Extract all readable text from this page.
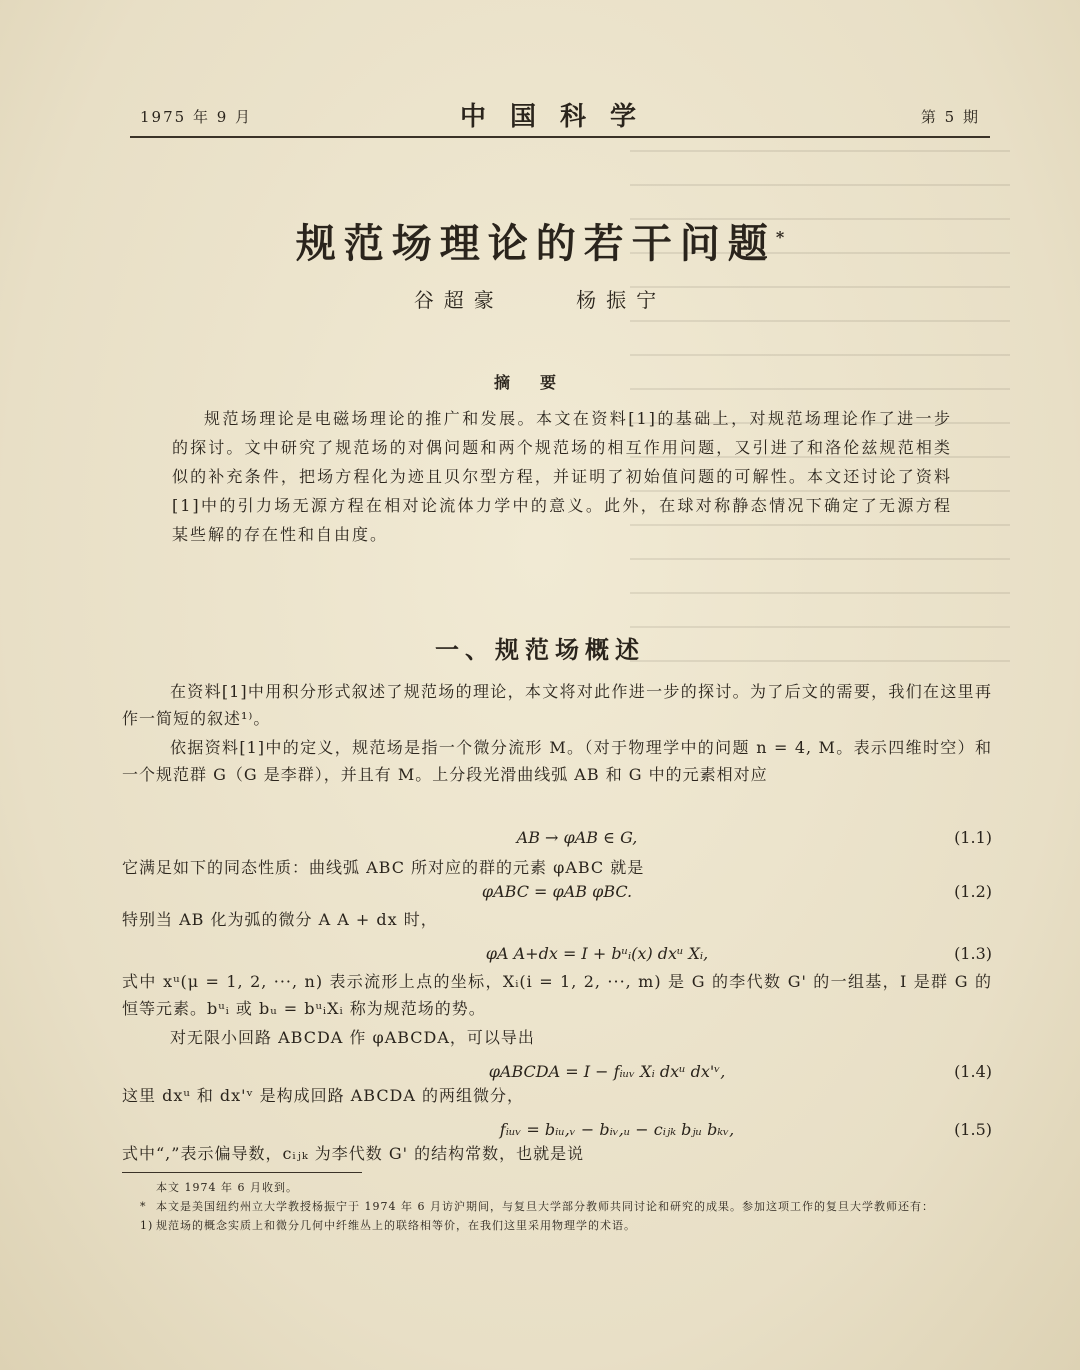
1975 年 9 月	中国科学	第 5 期
规范场理论的若干问题*
谷超豪	杨振宁
摘要
规范场理论是电磁场理论的推广和发展。本文在资料[1]的基础上，对规范场理论作了进一步的探讨。文中研究了规范场的对偶问题和两个规范场的相互作用问题，又引进了和洛伦兹规范相类似的补充条件，把场方程化为迹且贝尔型方程，并证明了初始值问题的可解性。本文还讨论了资料[1]中的引力场无源方程在相对论流体力学中的意义。此外，在球对称静态情况下确定了无源方程某些解的存在性和自由度。
一、规范场概述
在资料[1]中用积分形式叙述了规范场的理论，本文将对此作进一步的探讨。为了后文的需要，我们在这里再作一简短的叙述¹⁾。
依据资料[1]中的定义，规范场是指一个微分流形 M。（对于物理学中的问题 n = 4, M。表示四维时空）和一个规范群 G（G 是李群），并且有 M。上分段光滑曲线弧 AB 和 G 中的元素相对应
AB → φAB ∈ G,	(1.1)
它满足如下的同态性质：曲线弧 ABC 所对应的群的元素 φABC 就是
φABC = φAB φBC.	(1.2)
特别当 AB 化为弧的微分 A A + dx 时，
φA A+dx = I + bᵘᵢ(x) dxᵘ Xᵢ,	(1.3)
式中 xᵘ(μ = 1, 2, ···, n) 表示流形上点的坐标，Xᵢ(i = 1, 2, ···, m) 是 G 的李代数 G' 的一组基，I 是群 G 的恒等元素。bᵘᵢ 或 bᵤ = bᵘᵢXᵢ 称为规范场的势。
对无限小回路 ABCDA 作 φABCDA，可以导出
φABCDA = I − fᵢᵤᵥ Xᵢ dxᵘ dx'ᵛ,	(1.4)
这里 dxᵘ 和 dx'ᵛ 是构成回路 ABCDA 的两组微分，
fᵢᵤᵥ = bᵢᵤ,ᵥ − bᵢᵥ,ᵤ − cᵢⱼₖ bⱼᵤ bₖᵥ,	(1.5)
式中“,”表示偏导数，cᵢⱼₖ 为李代数 G' 的结构常数，也就是说
本文 1974 年 6 月收到。
* 本文是美国纽约州立大学教授杨振宁于 1974 年 6 月访沪期间，与复旦大学部分教师共同讨论和研究的成果。参加这项工作的复旦大学教师还有：
1) 规范场的概念实质上和微分几何中纤维丛上的联络相等价，在我们这里采用物理学的术语。
